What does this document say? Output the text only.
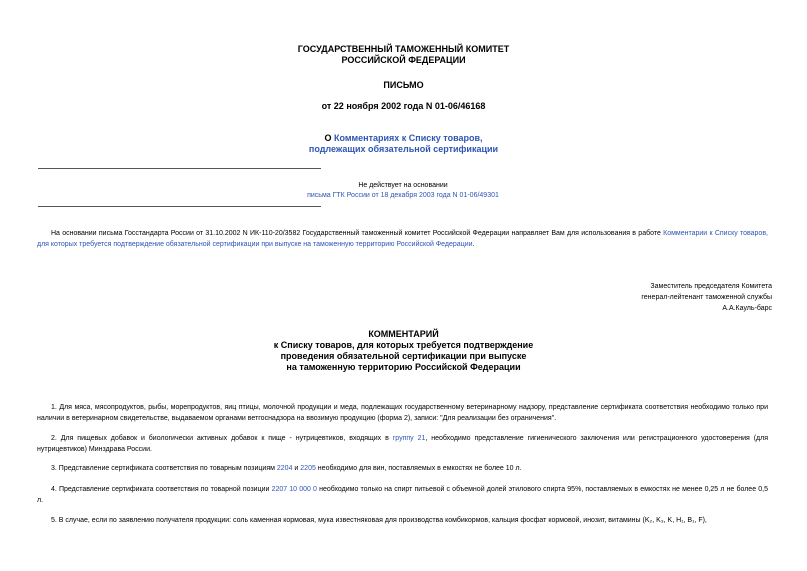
ГОСУДАРСТВЕННЫЙ ТАМОЖЕННЫЙ КОМИТЕТ
РОССИЙСКОЙ ФЕДЕРАЦИИ
ПИСЬМО
от 22 ноября 2002 года N 01-06/46168
О Комментариях к Списку товаров,
подлежащих обязательной сертификации
Не действует на основании
письма ГТК России от 18 декабря 2003 года N 01-06/49301
На основании письма Госстандарта России от 31.10.2002 N ИК-110-20/3582 Государственный таможенный комитет Российской Федерации направляет Вам для использования в работе Комментарии к Списку товаров, для которых требуется подтверждение обязательной сертификации при выпуске на таможенную территорию Российской Федерации.
Заместитель председателя Комитета
генерал-лейтенант таможенной службы
А.А.Кауль-барс
КОММЕНТАРИЙ
к Списку товаров, для которых требуется подтверждение
проведения обязательной сертификации при выпуске
на таможенную территорию Российской Федерации
1. Для мяса, мясопродуктов, рыбы, морепродуктов, яиц птицы, молочной продукции и меда, подлежащих государственному ветеринарному надзору, представление сертификата соответствия необходимо только при наличии в ветеринарном свидетельстве, выдаваемом органами ветгоснадзора на ввозимую продукцию (форма 2), записи: "Для реализации без ограничения".
2. Для пищевых добавок и биологически активных добавок к пище - нутрицевтиков, входящих в группу 21, необходимо представление гигиенического заключения или регистрационного удостоверения (для нутрицевтиков) Минздрава России.
3. Представление сертификата соответствия по товарным позициям 2204 и 2205 необходимо для вин, поставляемых в емкостях не более 10 л.
4. Представление сертификата соответствия по товарной позиции 2207 10 000 0 необходимо только на спирт питьевой с объемной долей этилового спирта 95%, поставляемых в емкостях не менее 0,25 л не более 0,5 л.
5. В случае, если по заявлению получателя продукции: соль каменная кормовая, мука известняковая для производства комбикормов, кальция фосфат кормовой, инозит, витамины (K₂, K₃, K, H₁, B₁, F),
